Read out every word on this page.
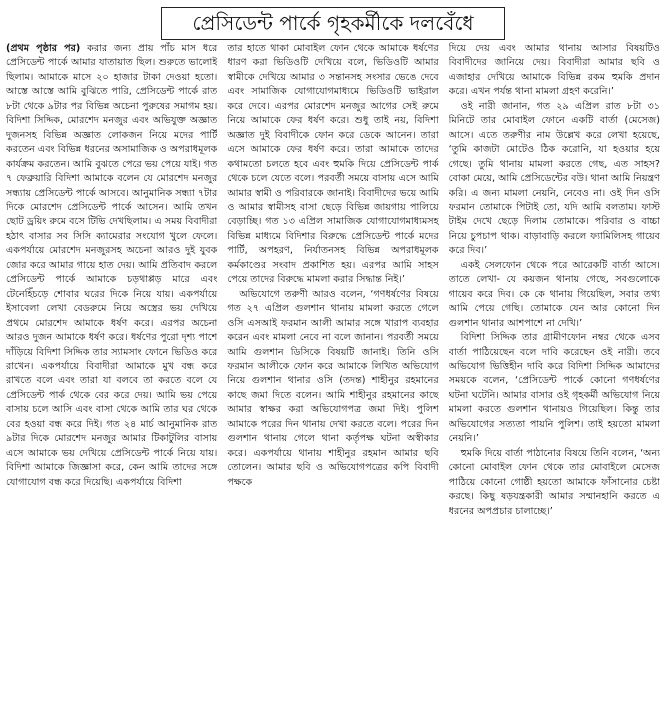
প্রেসিডেন্ট পার্কে গৃহকর্মীকে দলবেঁধে

(প্রথম পৃষ্ঠার পর) করার জন্য প্রায় পাঁচ মাস ধরে প্রেসিডেন্ট পার্কে আমার যাতায়াত ছিল। শুরুতে ভালোই ছিলাম। আমাকে মাসে ২০ হাজার টাকা দেওয়া হতো। আস্তে আস্তে আমি বুঝিতে পারি, প্রেসিডেন্ট পার্কে রাত ৮টা থেকে ৯টার পর বিভিন্ন অচেনা পুরুষের সমাগম হয়। বিদিশা সিদ্দিক, মোরশেদ মনজুর এবং অভিযুক্ত অজ্ঞাত দুজনসহ বিভিন্ন অজ্ঞাত লোকজন নিয়ে মদের পার্টি করতেন এবং বিভিন্ন ধরনের অসামাজিক ও অপরাধমূলক কার্যক্রম করতেন। আমি বুঝতে পেরে ভয় পেয়ে যাই। গত ৭ ফেব্রুয়ারি বিদিশা আমাকে বলেন যে মোরশেদ মনজুর সন্ধ্যায় প্রেসিডেন্ট পার্কে আসবে। আনুমানিক সন্ধ্যা ৭টার দিকে মোরশেদ প্রেসিডেন্ট পার্কে আসেন। আমি তখন ছোট ড্রয়িং রুমে বসে টিভি দেখছিলাম। এ সময় বিবাদীরা হঠাৎ বাসার সব সিসি ক্যামেরার সংযোগ খুলে ফেলে। একপর্যায়ে মোরশেদ মনজুরসহ অচেনা আরও দুই যুবক জোর করে আমার গায়ে হাত দেয়। আমি প্রতিবাদ করলে প্রেসিডেন্ট পার্কে আমাকে চড়থাপ্পড় মারে এবং টেনেহিঁচড়ে শোবার ঘরের দিকে নিয়ে যায়। একপর্যায়ে ইসাবেলা লেখা বেডরুমে নিয়ে অস্ত্রের ভয় দেখিয়ে প্রথমে মোরশেদ আমাকে ধর্ষণ করে। এরপর অচেনা আরও দুজন আমাকে ধর্ষণ করে। ধর্ষণের পুরো দৃশ্য পাশে দাঁড়িয়ে বিদিশা সিদ্দিক তার স্যামসাং ফোনে ভিডিও করে রাখেন। একপর্যায়ে বিবাদীরা আমাকে মুখ বন্ধ করে রাখতে বলে এবং তারা যা বলবে তা করতে বলে যে প্রেসিডেন্ট পার্ক থেকে বের করে দেয়। আমি ভয় পেয়ে বাসায় চলে আসি এবং বাসা থেকে আমি তার ঘর থেকে বের হওয়া বন্ধ করে দিই। গত ২৪ মার্চ আনুমানিক রাত ৯টার দিকে মোরশেদ মনজুর আমার টিকাটুলির বাসায় এসে আমাকে ভয় দেখিয়ে প্রেসিডেন্ট পার্কে নিয়ে যায়। বিদিশা আমাকে জিজ্ঞাসা করে, কেন আমি তাদের সঙ্গে যোগাযোগ বন্ধ করে দিয়েছি। একপর্যায়ে বিদিশা

তার হাতে থাকা মোবাইল ফোন থেকে আমাকে ধর্ষণের ধারণ করা ভিডিওটি দেখিয়ে বলে, ভিডিওটি আমার স্বামীকে দেখিয়ে আমার ৩ সন্তানসহ সংসার ভেঙে দেবে এবং সামাজিক যোগাযোগমাধ্যমে ভিডিওটি ভাইরাল করে দেবে। এরপর মোরশেদ মনজুর আগের সেই রুমে নিয়ে আমাকে ফের ধর্ষণ করে। শুধু তাই নয়, বিদিশা অজ্ঞাত দুই বিবাদীকে ফোন করে ডেকে আনেন। তারা এসে আমাকে ফের ধর্ষণ করে। তারা আমাকে তাদের কথামতো চলতে হবে এবং হুমকি দিয়ে প্রেসিডেন্ট পার্ক থেকে চলে যেতে বলে। পরবর্তী সময়ে বাসায় এসে আমি আমার স্বামী ও পরিবারকে জানাই। বিবাদীদের ভয়ে আমি ও আমার স্বামীসহ বাসা ছেড়ে বিভিন্ন জায়গায় পালিয়ে বেড়াচ্ছি। গত ১৩ এপ্রিল সামাজিক যোগাযোগমাধ্যমসহ বিভিন্ন মাধ্যমে বিদিশার বিরুদ্ধে প্রেসিডেন্ট পার্কে মদের পার্টি, অপহরণ, নির্যাতনসহ বিভিন্ন অপরাধমূলক কর্মকাণ্ডের সংবাদ প্রকাশিত হয়। এরপর আমি সাহস পেয়ে তাদের বিরুদ্ধে মামলা করার সিদ্ধান্ত নিই।’

অভিযোগে তরুণী আরও বলেন, ‘গণধর্ষণের বিষয়ে গত ২৭ এপ্রিল গুলশান থানায় মামলা করতে গেলে ওসি এসআই ফরমান আলী আমার সঙ্গে খারাপ ব্যবহার করেন এবং মামলা নেবে না বলে জানান। পরবর্তী সময়ে আমি গুলশান ডিসিকে বিষয়টি জানাই। তিনি ওসি ফরমান আলীকে ফোন করে আমাকে লিখিত অভিযোগ নিয়ে গুলশান থানার ওসি (তদন্ত) শাহীনুর রহমানের কাছে জমা দিতে বলেন। আমি শাহীনুর রহমানের কাছে আমার স্বাক্ষর করা অভিযোগপত্র জমা দিই। পুলিশ আমাকে পরের দিন থানায় দেখা করতে বলে। পরের দিন গুলশান থানায় গেলে থানা কর্তৃপক্ষ ঘটনা অস্বীকার করে। একপর্যায়ে থানায় শাহীনুর রহমান আমার ছবি তোলেন। আমার ছবি ও অভিযোগপত্রের কপি বিবাদী পক্ষকে

দিয়ে দেয় এবং আমার থানায় আসার বিষয়টিও বিবাদীদের জানিয়ে দেয়। বিবাদীরা আমার ছবি ও এজাহার দেখিয়ে আমাকে বিভিন্ন রকম হুমকি প্রদান করে। এখন পর্যন্ত থানা মামলা গ্রহণ করেনি।’

ওই নারী জানান, গত ২৯ এপ্রিল রাত ৮টা ৩১ মিনিটে তার মোবাইল ফোনে একটি বার্তা (মেসেজ) আসে। এতে তরুণীর নাম উল্লেখ করে লেখা হয়েছে, ‘তুমি কাজটা মোটেও ঠিক করোনি, যা হওয়ার হয়ে গেছে। তুমি থানায় মামলা করতে গেছ, এত সাহস? বোকা মেয়ে, আমি প্রেসিডেন্টের বউ। থানা আমি নিয়ন্ত্রণ করি। এ জন্য মামলা নেয়নি, নেবেও না। ওই দিন ওসি ফরমান তোমাকে পিটাই তো, যদি আমি বলতাম। ফাস্ট টাইম দেখে ছেড়ে দিলাম তোমাকে। পরিবার ও বাচ্চা নিয়ে চুপচাপ থাক। বাড়াবাড়ি করলে ফ্যামিলিসহ গায়েব করে দিব।’

একই সেলফোন থেকে পরে আরেকটি বার্তা আসে। তাতে লেখা- যে কয়জন থানায় গেছে, সবগুলোকে গায়েব করে দিব। কে কে থানায় গিয়েছিল, সবার তথ্য আমি পেয়ে গেছি। তোমাকে যেন আর কোনো দিন গুলশান থানার আশপাশে না দেখি।’

বিদিশা সিদ্দিক তার গ্রামীণফোন নম্বর থেকে এসব বার্তা পাঠিয়েছেন বলে দাবি করেছেন ওই নারী। তবে অভিযোগ ভিত্তিহীন দাবি করে বিদিশা সিদ্দিক আমাদের সময়কে বলেন, ‘প্রেসিডেন্ট পার্কে কোনো গণধর্ষণের ঘটনা ঘটেনি। আমার বাসার ওই গৃহকর্মী অভিযোগ নিয়ে মামলা করতে গুলশান থানায়ও গিয়েছিল। কিন্তু তার অভিযোগের সত্যতা পায়নি পুলিশ। তাই হয়তো মামলা নেয়নি।’

হুমকি দিয়ে বার্তা পাঠানোর বিষয়ে তিনি বলেন, ‘অন্য কোনো মোবাইল ফোন থেকে তার মোবাইলে মেসেজ পাঠিয়ে কোনো গোষ্ঠী হয়তো আমাকে ফাঁসানোর চেষ্টা করছে। কিছু ষড়যন্ত্রকারী আমার সম্মানহানি করতে এ ধরনের অপপ্রচার চালাচ্ছে।’
